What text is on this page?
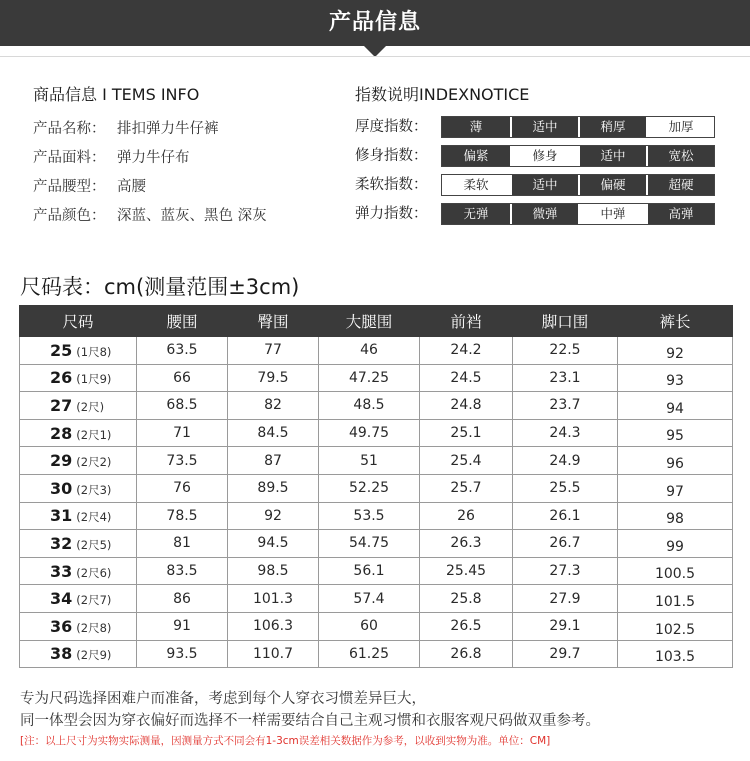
产品信息
商品信息 I TEMS INFO
产品名称： 排扣弹力牛仔裤
产品面料： 弹力牛仔布
产品腰型： 高腰
产品颜色： 深蓝、蓝灰、黑色 深灰
指数说明INDEXNOTICE
厚度指数：	薄	适中	稍厚	加厚
修身指数：	偏紧	修身	适中	宽松
柔软指数：	柔软	适中	偏硬	超硬
弹力指数：	无弹	微弹	中弹	高弹
尺码表：cm(测量范围±3cm)
尺码	腰围	臀围	大腿围	前裆	脚口围	裤长
25 (1尺8)	63.5	77	46	24.2	22.5	92
26 (1尺9)	66	79.5	47.25	24.5	23.1	93
27 (2尺)	68.5	82	48.5	24.8	23.7	94
28 (2尺1)	71	84.5	49.75	25.1	24.3	95
29 (2尺2)	73.5	87	51	25.4	24.9	96
30 (2尺3)	76	89.5	52.25	25.7	25.5	97
31 (2尺4)	78.5	92	53.5	26	26.1	98
32 (2尺5)	81	94.5	54.75	26.3	26.7	99
33 (2尺6)	83.5	98.5	56.1	25.45	27.3	100.5
34 (2尺7)	86	101.3	57.4	25.8	27.9	101.5
36 (2尺8)	91	106.3	60	26.5	29.1	102.5
38 (2尺9)	93.5	110.7	61.25	26.8	29.7	103.5
专为尺码选择困难户而准备，考虑到每个人穿衣习惯差异巨大，
同一体型会因为穿衣偏好而选择不一样需要结合自己主观习惯和衣服客观尺码做双重参考。
[注：以上尺寸为实物实际测量，因测量方式不同会有1-3cm误差相关数据作为参考，以收到实物为准。单位：CM]
